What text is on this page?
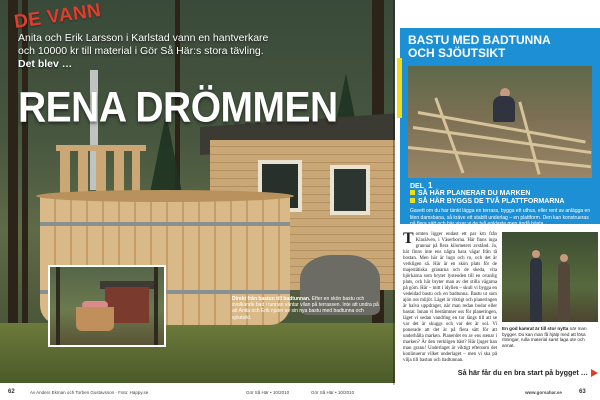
DE VANN
Anita och Erik Larsson i Karlstad vann en hantverkare och 10000 kr till material i Gör Så Här:s stora tävling. Det blev …
RENA DRÖMMEN
Direkt från bastun till badtunnan. Efter en skön bastu och svalkande bad i tunnan väntar vilan på terrassen. Inte att undra på att Anita och Erik njuter av sin nya bastu med badtunna och sjöutsikt.
62	Av Anders Ekman och Torben Gustavsson · Foto: Happy.se	Gör Så Här • 10/2010
BASTU MED BADTUNNA
OCH SJÖUTSIKT
DEL 1
SÅ HÄR PLANERAR DU MARKEN
SÅ HÄR BYGGS DE TVÅ PLATTFORMARNA
Gavett om du har tänkt lägga en terrass, bygga ett uthus, eller rent av anlägga en liten damsbana, så kräve ett stabilt underlag – en plattform. Den kan konstrueras på flera sätt och här visar vi de två enklaste men ändå bästa.
Tomten ligger endast ett par km från Klarälven, i Väserborna. Här finns inga grannar på flera kilometers avstånd. Ja, här finns inte ens några bara vägar från tå bostan. Men här är lugn och ro, och det är verkligen så. Här är en skön plats för de majestätiska granarna och de skeda, vita björkarna som bryter lysteuden till en ovanlig plats, och här bryter man av det stilla vägarna på göm. Här – mitt i idyllen – skull vi bygga en vedeldad bastu och en badtunna. Bastu ut som ajön oss miljöt. Läget är viktigt och planeringen är halva uppdraget, när man redan bodar eller bastar. Innan vi bestämmer oss för planeringen, läget vi sedan vandring en tur längs till att se var det är skuggs och var det är sol. Vi ponerade att det är på flera sätt för att underhålla marken. Planerdet en av ens stenar i marken? Är den verkligen bäst? Här ljuger han man granu! Underlaget är viktigt eftersom det konlinuerar vilket underlaget – men vi ska på vilja till bastun och badtunnan.
En god kamrat är till stor nytta när man bygger. Du kan man få hjälp med att lösa ritningar, rulla material samt laga ute och annat.
Så här får du en bra start på bygget …
Gör Så Här • 10/2010	www.gorsahar.se	63
